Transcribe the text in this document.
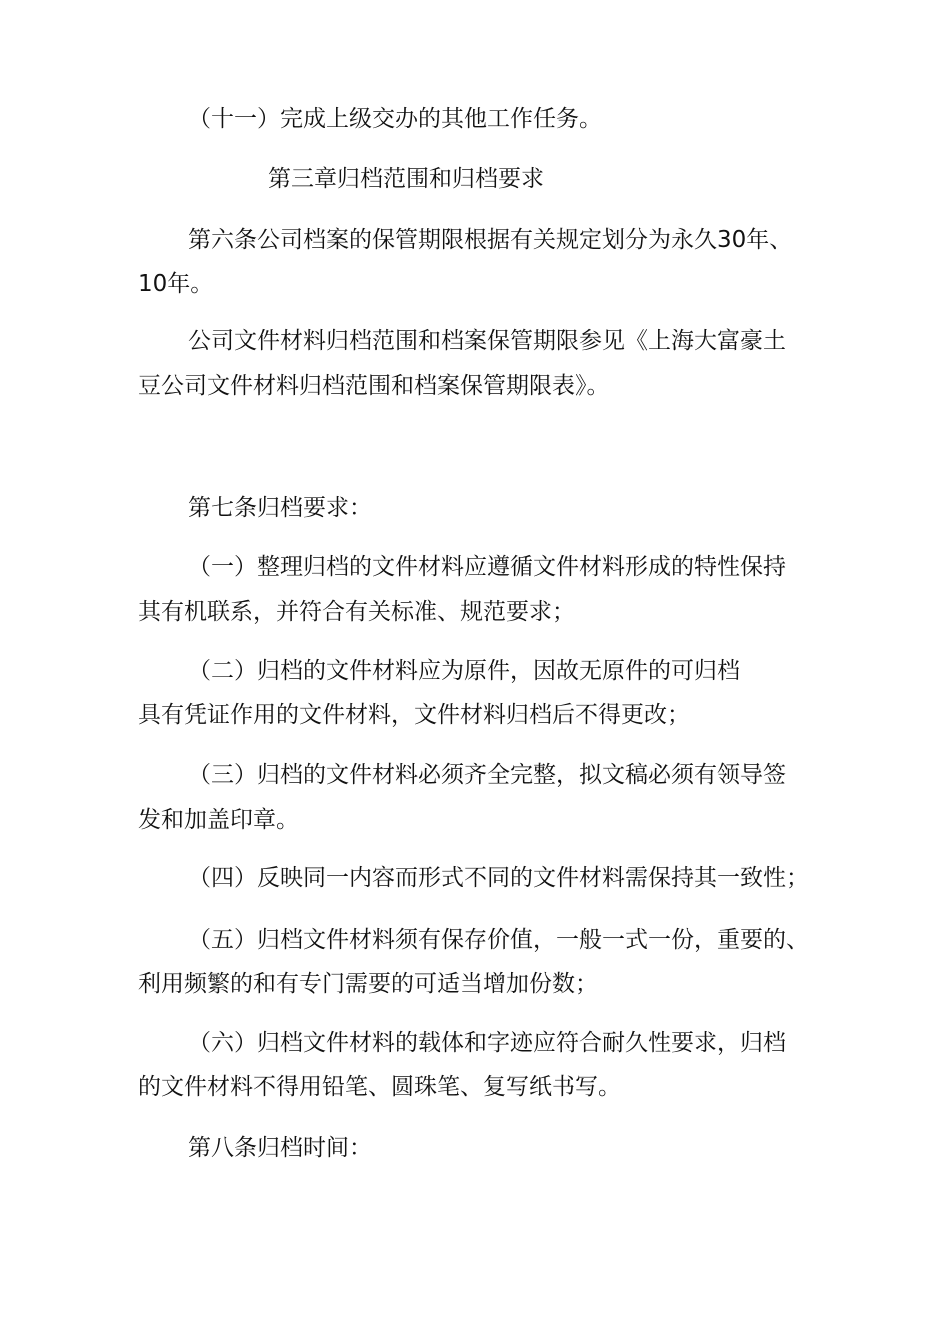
（十一）完成上级交办的其他工作任务。
第三章归档范围和归档要求
第六条公司档案的保管期限根据有关规定划分为永久30年、
10年。
公司文件材料归档范围和档案保管期限参见《上海大富豪土
豆公司文件材料归档范围和档案保管期限表》。
第七条归档要求：
（一）整理归档的文件材料应遵循文件材料形成的特性保持
其有机联系，并符合有关标准、规范要求；
（二）归档的文件材料应为原件，因故无原件的可归档
具有凭证作用的文件材料，文件材料归档后不得更改；
（三）归档的文件材料必须齐全完整，拟文稿必须有领导签
发和加盖印章。
（四）反映同一内容而形式不同的文件材料需保持其一致性；
（五）归档文件材料须有保存价值，一般一式一份，重要的、
利用频繁的和有专门需要的可适当增加份数；
（六）归档文件材料的载体和字迹应符合耐久性要求，归档
的文件材料不得用铅笔、圆珠笔、复写纸书写。
第八条归档时间：
